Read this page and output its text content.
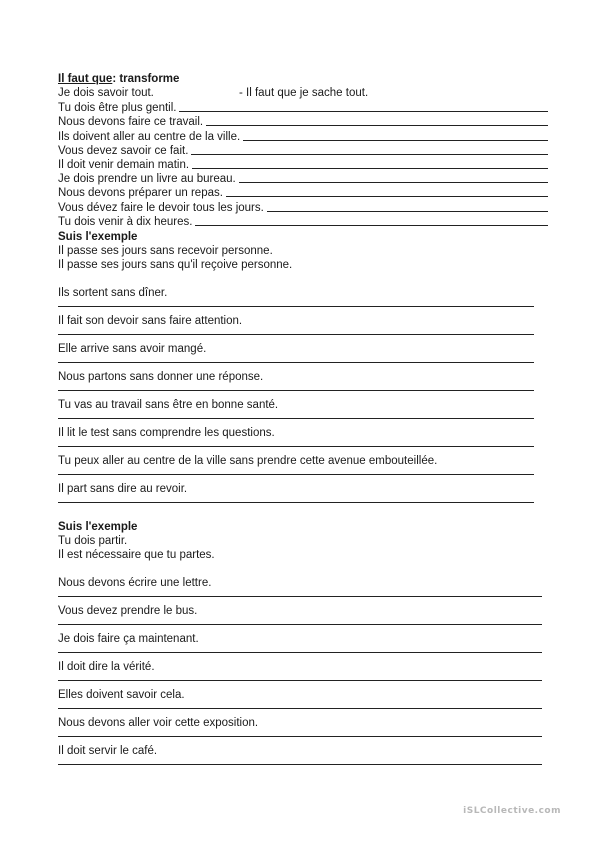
Il faut que: transforme
Je dois savoir tout.	- Il faut que je sache tout.
Tu dois être plus gentil.
Nous devons faire ce travail.
Ils doivent aller au centre de la ville.
Vous devez savoir ce fait.
Il doit venir demain matin.
Je dois prendre un livre au bureau.
Nous devons préparer un repas.
Vous dévez faire le devoir tous les jours.
Tu dois venir à dix heures.
Suis l'exemple
Il passe ses jours sans recevoir personne.
Il passe ses jours sans qu'il reçoive personne.
Ils sortent sans dîner.
Il fait son devoir sans faire attention.
Elle arrive sans avoir mangé.
Nous partons sans donner une réponse.
Tu vas au travail sans être en bonne santé.
Il lit le test sans comprendre les questions.
Tu peux aller au centre de la ville sans prendre cette avenue embouteillée.
Il part sans dire au revoir.
Suis l'exemple
Tu dois partir.
Il est nécessaire que tu partes.
Nous devons écrire une lettre.
Vous devez prendre le bus.
Je dois faire ça maintenant.
Il doit dire la vérité.
Elles doivent savoir cela.
Nous devons aller voir cette exposition.
Il doit servir le café.
iSLCollective.com
